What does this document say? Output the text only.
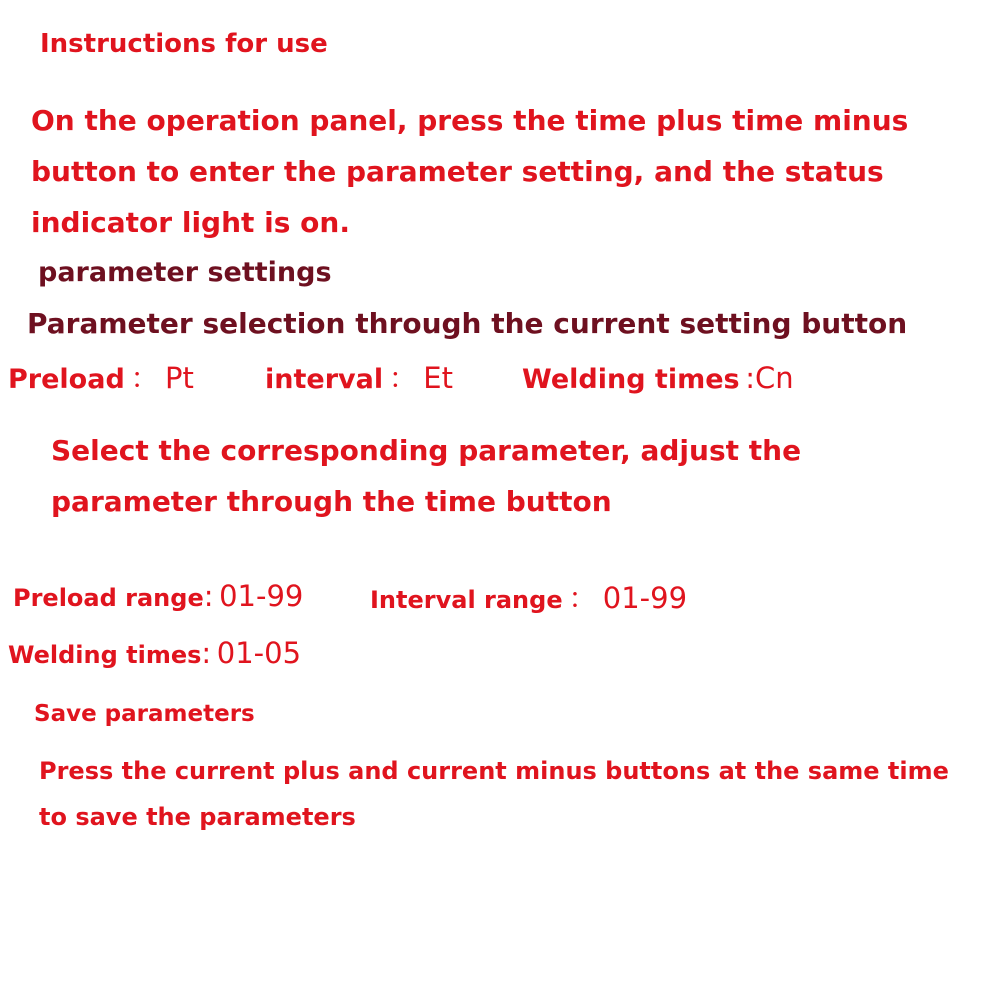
Instructions for use

On the operation panel, press the time plus time minus button to enter the parameter setting, and the status indicator light is on.

parameter settings

Parameter selection through the current setting button

Preload ： Pt	interval ： Et	Welding times :Cn

Select the corresponding parameter, adjust the parameter through the time button

Preload range: 01-99	Interval range ： 01-99
Welding times: 01-05

Save parameters

Press the current plus and current minus buttons at the same time to save the parameters
